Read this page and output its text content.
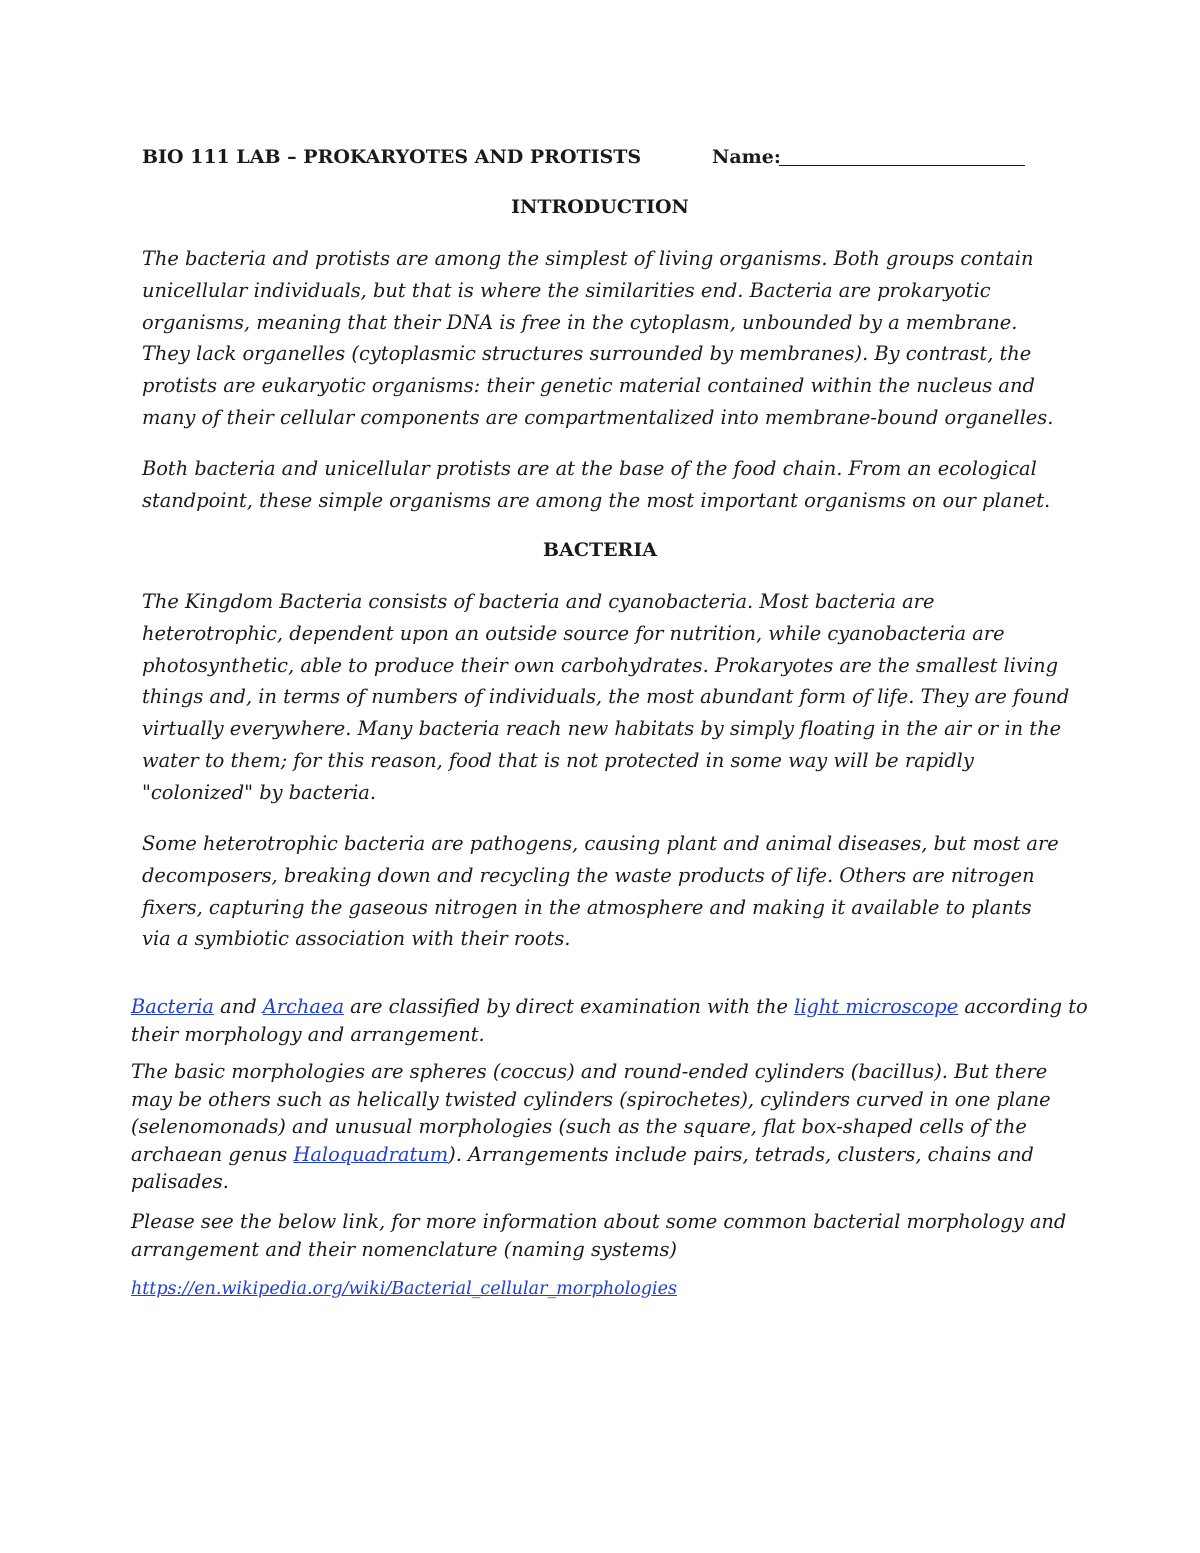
BIO 111 LAB – PROKARYOTES AND PROTISTS	Name:
INTRODUCTION
The bacteria and protists are among the simplest of living organisms. Both groups contain
unicellular individuals, but that is where the similarities end. Bacteria are prokaryotic
organisms, meaning that their DNA is free in the cytoplasm, unbounded by a membrane.
They lack organelles (cytoplasmic structures surrounded by membranes). By contrast, the
protists are eukaryotic organisms: their genetic material contained within the nucleus and
many of their cellular components are compartmentalized into membrane-bound organelles.
Both bacteria and unicellular protists are at the base of the food chain. From an ecological
standpoint, these simple organisms are among the most important organisms on our planet.
BACTERIA
The Kingdom Bacteria consists of bacteria and cyanobacteria. Most bacteria are
heterotrophic, dependent upon an outside source for nutrition, while cyanobacteria are
photosynthetic, able to produce their own carbohydrates. Prokaryotes are the smallest living
things and, in terms of numbers of individuals, the most abundant form of life. They are found
virtually everywhere. Many bacteria reach new habitats by simply floating in the air or in the
water to them; for this reason, food that is not protected in some way will be rapidly
"colonized" by bacteria.
Some heterotrophic bacteria are pathogens, causing plant and animal diseases, but most are
decomposers, breaking down and recycling the waste products of life. Others are nitrogen
fixers, capturing the gaseous nitrogen in the atmosphere and making it available to plants
via a symbiotic association with their roots.
Bacteria and Archaea are classified by direct examination with the light microscope according to
their morphology and arrangement.
The basic morphologies are spheres (coccus) and round-ended cylinders (bacillus). But there
may be others such as helically twisted cylinders (spirochetes), cylinders curved in one plane
(selenomonads) and unusual morphologies (such as the square, flat box-shaped cells of the
archaean genus Haloquadratum). Arrangements include pairs, tetrads, clusters, chains and
palisades.
Please see the below link, for more information about some common bacterial morphology and
arrangement and their nomenclature (naming systems)
https://en.wikipedia.org/wiki/Bacterial_cellular_morphologies
